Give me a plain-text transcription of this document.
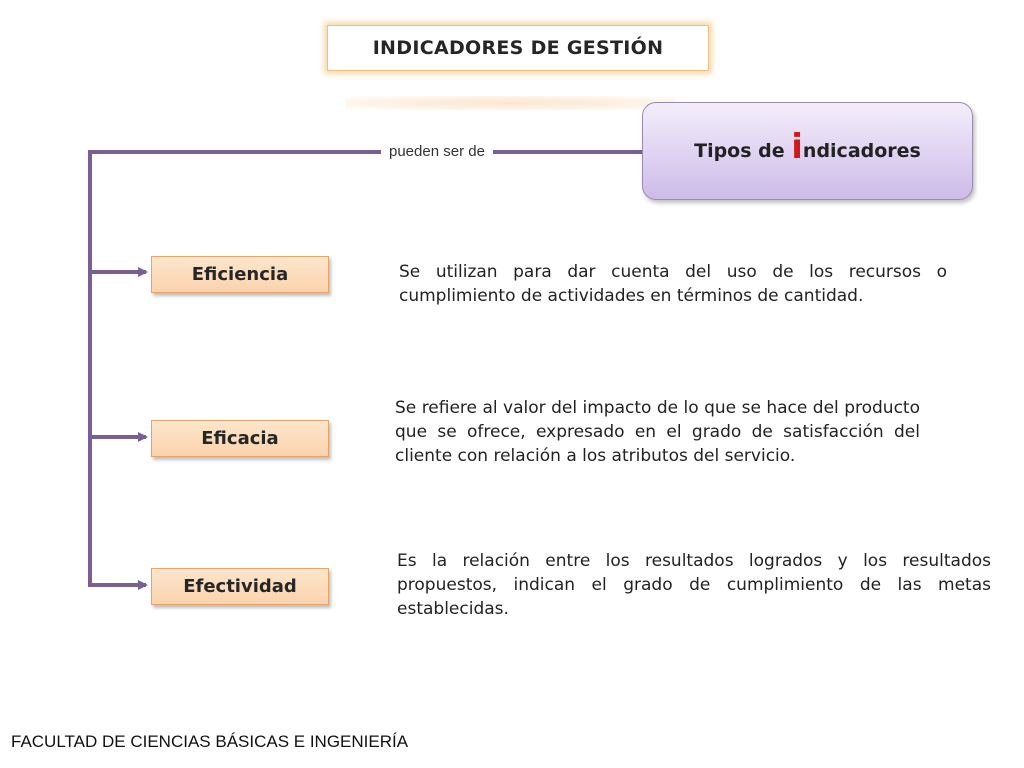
INDICADORES DE GESTIÓN
pueden ser de	Tipos de i ndicadores
Eficiencia
Eficacia
Efectividad
Se utilizan para dar cuenta del uso de los recursos o cumplimiento de actividades en términos de cantidad.
Se refiere al valor del impacto de lo que se hace del producto que se ofrece, expresado en el grado de satisfacción del cliente con relación a los atributos del servicio.
Es la relación entre los resultados logrados y los resultados propuestos, indican el grado de cumplimiento de las metas establecidas.
FACULTAD DE CIENCIAS BÁSICAS E INGENIERÍA
